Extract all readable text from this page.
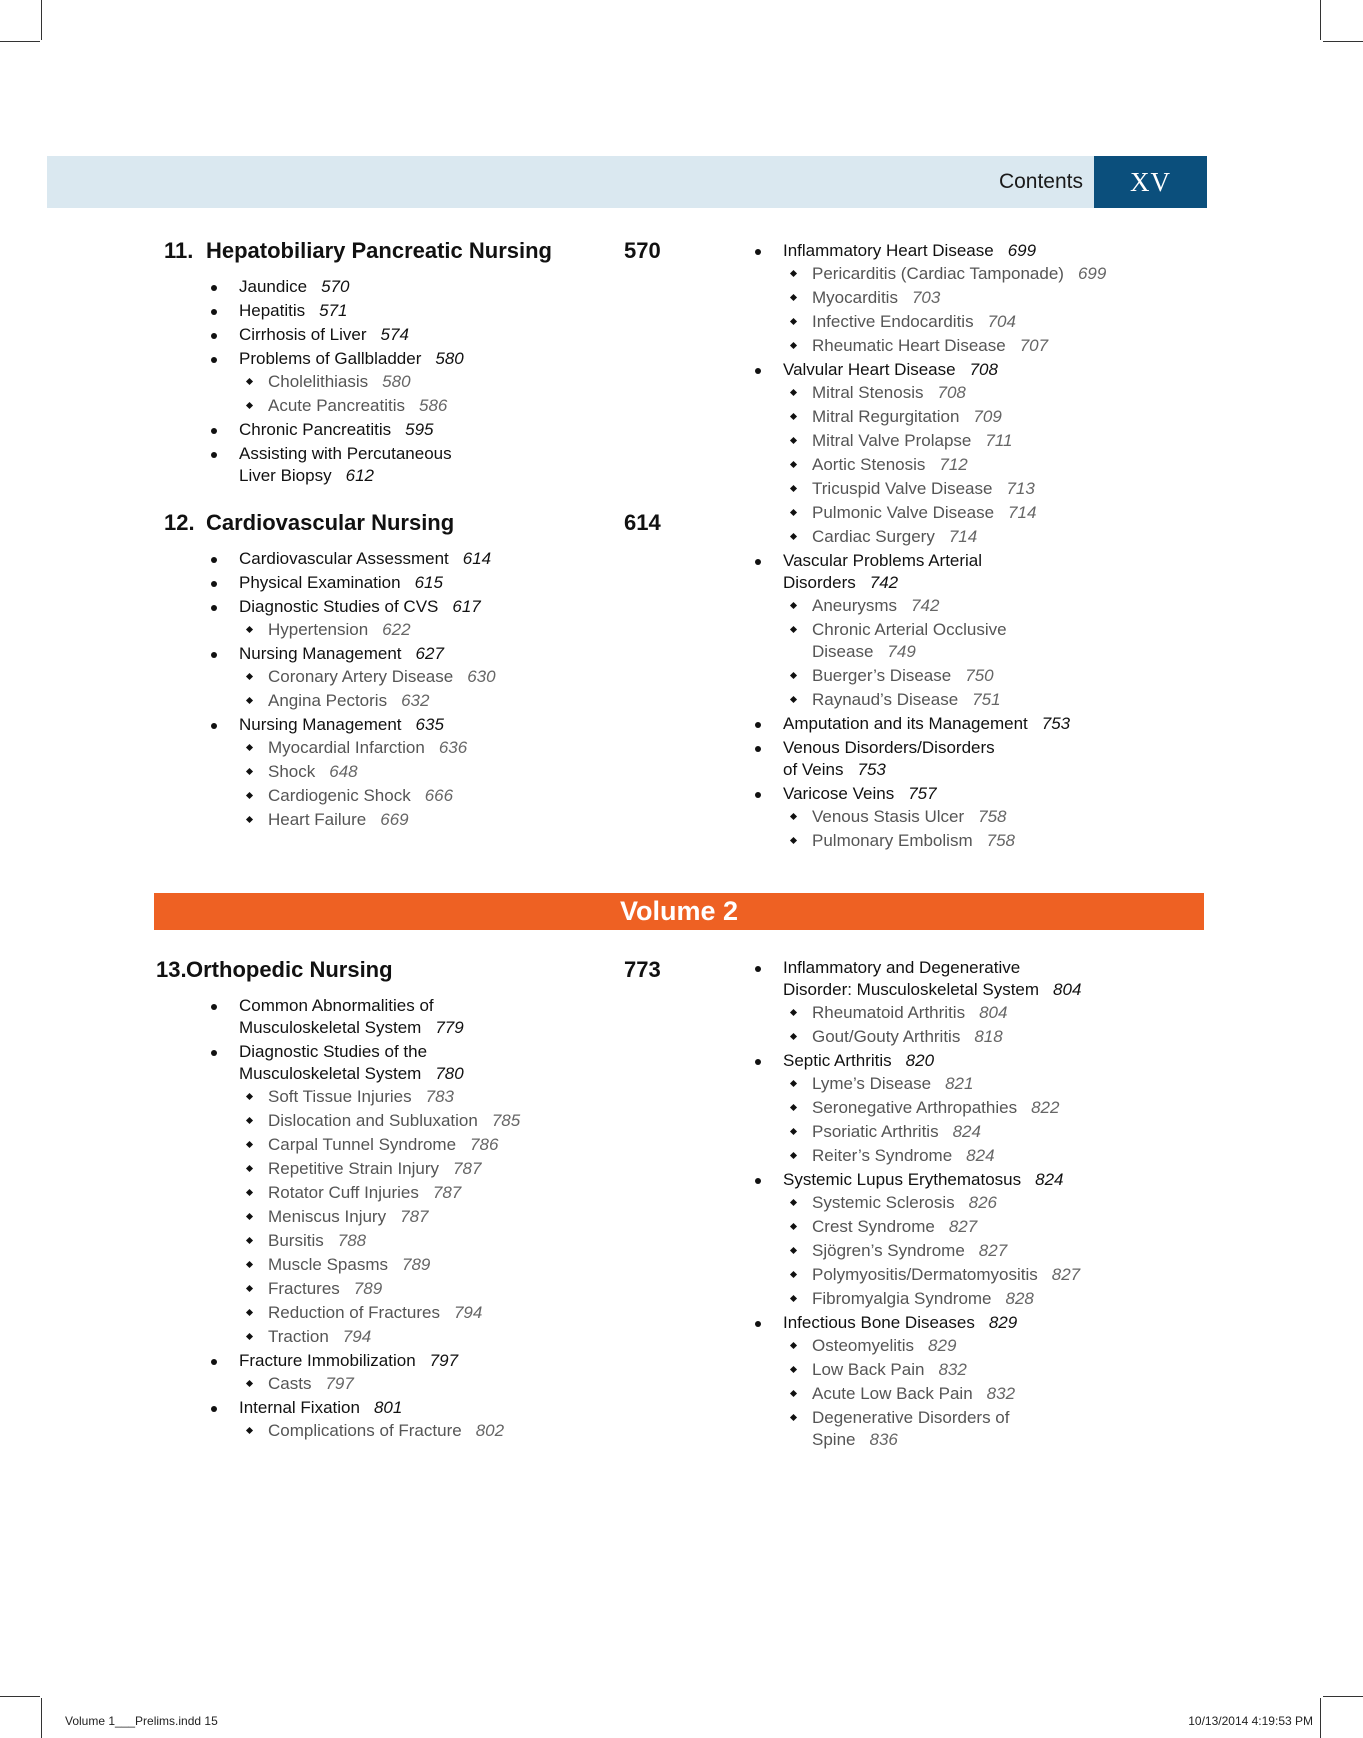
Contents	XV
11. Hepatobiliary Pancreatic Nursing	570
Jaundice 570
Hepatitis 571
Cirrhosis of Liver 574
Problems of Gallbladder 580
Cholelithiasis 580
Acute Pancreatitis 586
Chronic Pancreatitis 595
Assisting with Percutaneous
Liver Biopsy 612
12. Cardiovascular Nursing	614
Cardiovascular Assessment 614
Physical Examination 615
Diagnostic Studies of CVS 617
Hypertension 622
Nursing Management 627
Coronary Artery Disease 630
Angina Pectoris 632
Nursing Management 635
Myocardial Infarction 636
Shock 648
Cardiogenic Shock 666
Heart Failure 669
Inflammatory Heart Disease 699
Pericarditis (Cardiac Tamponade) 699
Myocarditis 703
Infective Endocarditis 704
Rheumatic Heart Disease 707
Valvular Heart Disease 708
Mitral Stenosis 708
Mitral Regurgitation 709
Mitral Valve Prolapse 711
Aortic Stenosis 712
Tricuspid Valve Disease 713
Pulmonic Valve Disease 714
Cardiac Surgery 714
Vascular Problems Arterial
Disorders 742
Aneurysms 742
Chronic Arterial Occlusive
Disease 749
Buerger’s Disease 750
Raynaud’s Disease 751
Amputation and its Management 753
Venous Disorders/Disorders
of Veins 753
Varicose Veins 757
Venous Stasis Ulcer 758
Pulmonary Embolism 758
Volume 2
13. Orthopedic Nursing	773
Common Abnormalities of
Musculoskeletal System 779
Diagnostic Studies of the
Musculoskeletal System 780
Soft Tissue Injuries 783
Dislocation and Subluxation 785
Carpal Tunnel Syndrome 786
Repetitive Strain Injury 787
Rotator Cuff Injuries 787
Meniscus Injury 787
Bursitis 788
Muscle Spasms 789
Fractures 789
Reduction of Fractures 794
Traction 794
Fracture Immobilization 797
Casts 797
Internal Fixation 801
Complications of Fracture 802
Inflammatory and Degenerative
Disorder: Musculoskeletal System 804
Rheumatoid Arthritis 804
Gout/Gouty Arthritis 818
Septic Arthritis 820
Lyme’s Disease 821
Seronegative Arthropathies 822
Psoriatic Arthritis 824
Reiter’s Syndrome 824
Systemic Lupus Erythematosus 824
Systemic Sclerosis 826
Crest Syndrome 827
Sjögren’s Syndrome 827
Polymyositis/Dermatomyositis 827
Fibromyalgia Syndrome 828
Infectious Bone Diseases 829
Osteomyelitis 829
Low Back Pain 832
Acute Low Back Pain 832
Degenerative Disorders of
Spine 836
Volume 1___Prelims.indd 15	10/13/2014 4:19:53 PM
